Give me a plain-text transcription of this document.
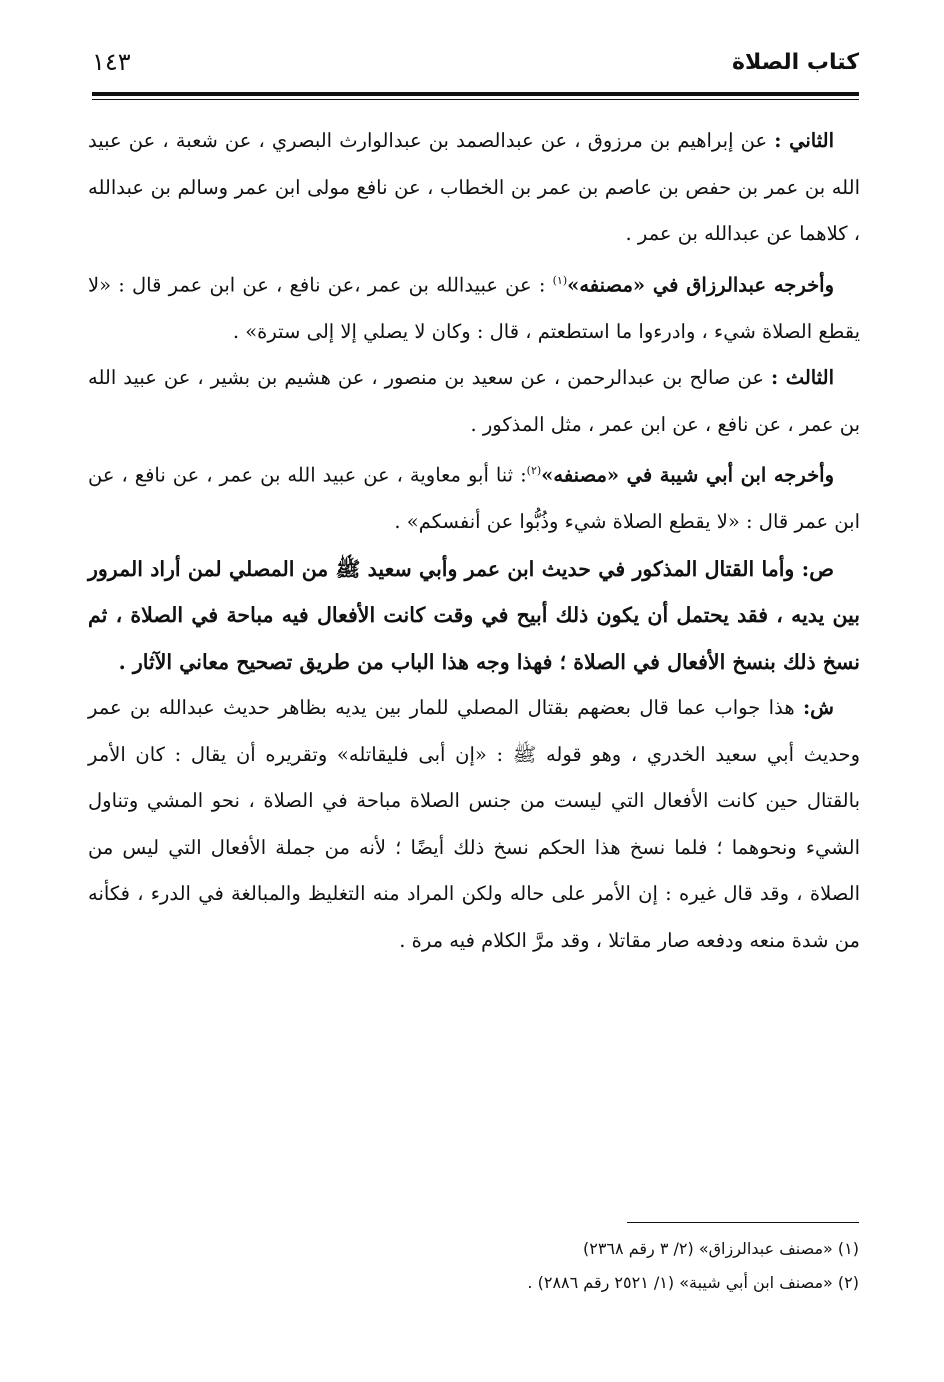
كتاب الصلاة
١٤٣

الثاني : عن إبراهيم بن مرزوق ، عن عبدالصمد بن عبدالوارث البصري ، عن شعبة ، عن عبيد الله بن عمر بن حفص بن عاصم بن عمر بن الخطاب ، عن نافع مولى ابن عمر وسالم بن عبدالله ، كلاهما عن عبدالله بن عمر .

وأخرجه عبدالرزاق في «مصنفه»$^{(١)}$ : عن عبيدالله بن عمر ،عن نافع ، عن ابن عمر قال : «لا يقطع الصلاة شيء ، وادرءوا ما استطعتم ، قال : وكان لا يصلي إلا إلى سترة» .

الثالث : عن صالح بن عبدالرحمن ، عن سعيد بن منصور ، عن هشيم بن بشير ، عن عبيد الله بن عمر ، عن نافع ، عن ابن عمر ، مثل المذكور .

وأخرجه ابن أبي شيبة في «مصنفه»$^{(٢)}$: ثنا أبو معاوية ، عن عبيد الله بن عمر ، عن نافع ، عن ابن عمر قال : «لا يقطع الصلاة شيء وذُبُّوا عن أنفسكم» .

ص: وأما القتال المذكور في حديث ابن عمر وأبي سعيد ﷺ من المصلي لمن أراد المرور بين يديه ، فقد يحتمل أن يكون ذلك أبيح في وقت كانت الأفعال فيه مباحة في الصلاة ، ثم نسخ ذلك بنسخ الأفعال في الصلاة ؛ فهذا وجه هذا الباب من طريق تصحيح معاني الآثار .

ش: هذا جواب عما قال بعضهم بقتال المصلي للمار بين يديه بظاهر حديث عبدالله بن عمر وحديث أبي سعيد الخدري ، وهو قوله ﷺ : «إن أبى فليقاتله» وتقريره أن يقال : كان الأمر بالقتال حين كانت الأفعال التي ليست من جنس الصلاة مباحة في الصلاة ، نحو المشي وتناول الشيء ونحوهما ؛ فلما نسخ هذا الحكم نسخ ذلك أيضًا ؛ لأنه من جملة الأفعال التي ليس من الصلاة ، وقد قال غيره : إن الأمر على حاله ولكن المراد منه التغليظ والمبالغة في الدرء ، فكأنه من شدة منعه ودفعه صار مقاتلا ، وقد مرَّ الكلام فيه مرة .

(١) «مصنف عبدالرزاق» (٢/ ٣ رقم ٢٣٦٨)
(٢) «مصنف ابن أبي شيبة» (١/ ٢٥٢١ رقم ٢٨٨٦) .
